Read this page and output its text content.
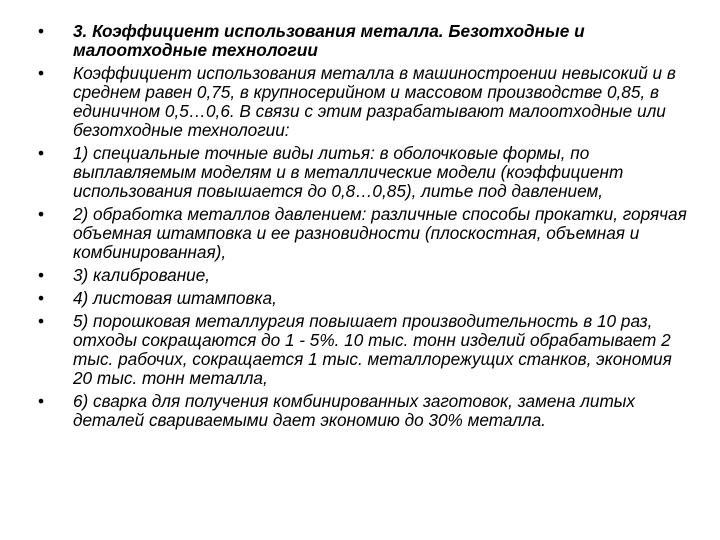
•	3. Коэффициент использования металла. Безотходные и малоотходные технологии
•	Коэффициент использования металла в машиностроении невысокий и в среднем равен 0,75, в крупносерийном и массовом производстве 0,85, в единичном 0,5…0,6. В связи с этим разрабатывают малоотходные или безотходные технологии:
•	1) специальные точные виды литья: в оболочковые формы, по выплавляемым моделям и в металлические модели (коэффициент использования повышается до 0,8…0,85), литье под давлением,
•	2) обработка металлов давлением: различные способы прокатки, горячая объемная штамповка и ее разновидности (плоскостная, объемная и комбинированная),
•	3) калибрование,
•	4) листовая штамповка,
•	5) порошковая металлургия повышает производительность в 10 раз, отходы сокращаются до 1 - 5%. 10 тыс. тонн изделий обрабатывает 2 тыс. рабочих, сокращается 1 тыс. металлорежущих станков, экономия 20 тыс. тонн металла,
•	6) сварка для получения комбинированных заготовок, замена литых деталей свариваемыми дает экономию до 30% металла.
